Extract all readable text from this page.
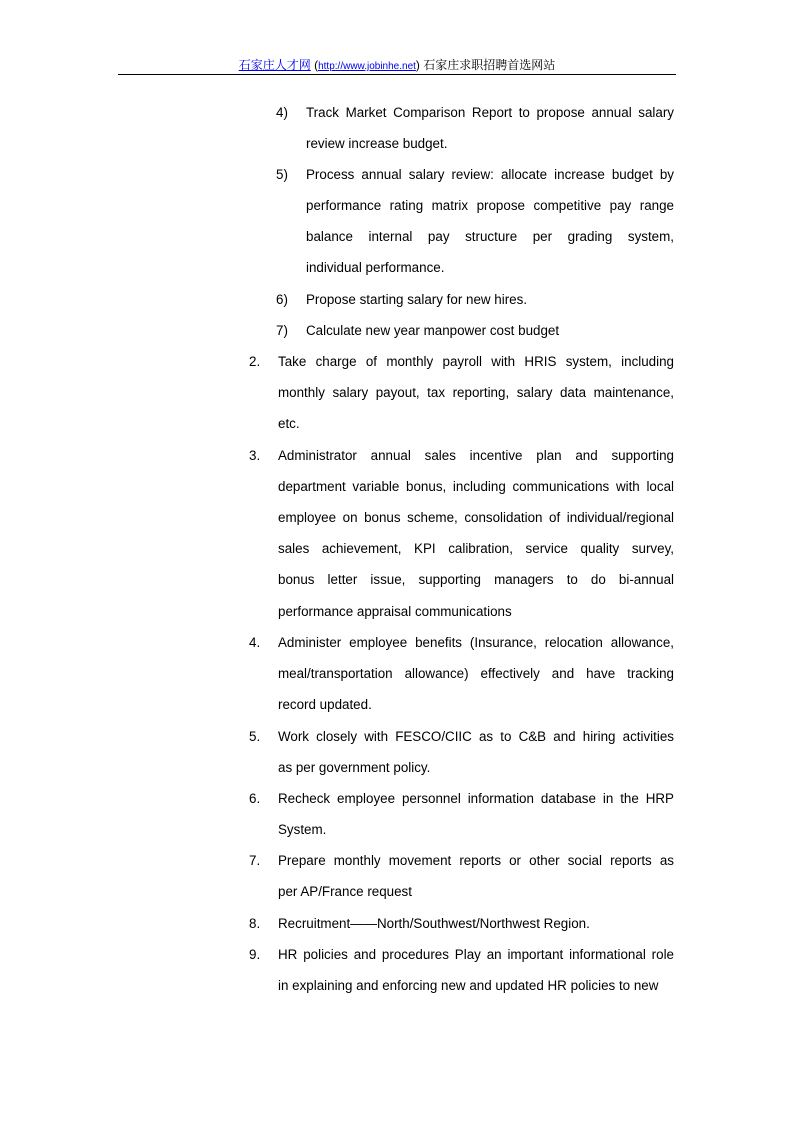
石家庄人才网 (http://www.jobinhe.net) 石家庄求职招聘首选网站
4)	Track Market Comparison Report to propose annual salary
review increase budget.
5)	Process annual salary review: allocate increase budget by
performance rating matrix propose competitive pay range
balance internal pay structure per grading system,
individual performance.
6)	Propose starting salary for new hires.
7)	Calculate new year manpower cost budget
2.	Take charge of monthly payroll with HRIS system, including
monthly salary payout, tax reporting, salary data maintenance,
etc.
3.	Administrator annual sales incentive plan and supporting
department variable bonus, including communications with local
employee on bonus scheme, consolidation of individual/regional
sales achievement, KPI calibration, service quality survey,
bonus letter issue, supporting managers to do bi-annual
performance appraisal communications
4.	Administer employee benefits (Insurance, relocation allowance,
meal/transportation allowance) effectively and have tracking
record updated.
5.	Work closely with FESCO/CIIC as to C&B and hiring activities
as per government policy.
6.	Recheck employee personnel information database in the HRP
System.
7.	Prepare monthly movement reports or other social reports as
per AP/France request
8.	Recruitment——North/Southwest/Northwest Region.
9.	HR policies and procedures Play an important informational role
in explaining and enforcing new and updated HR policies to new
